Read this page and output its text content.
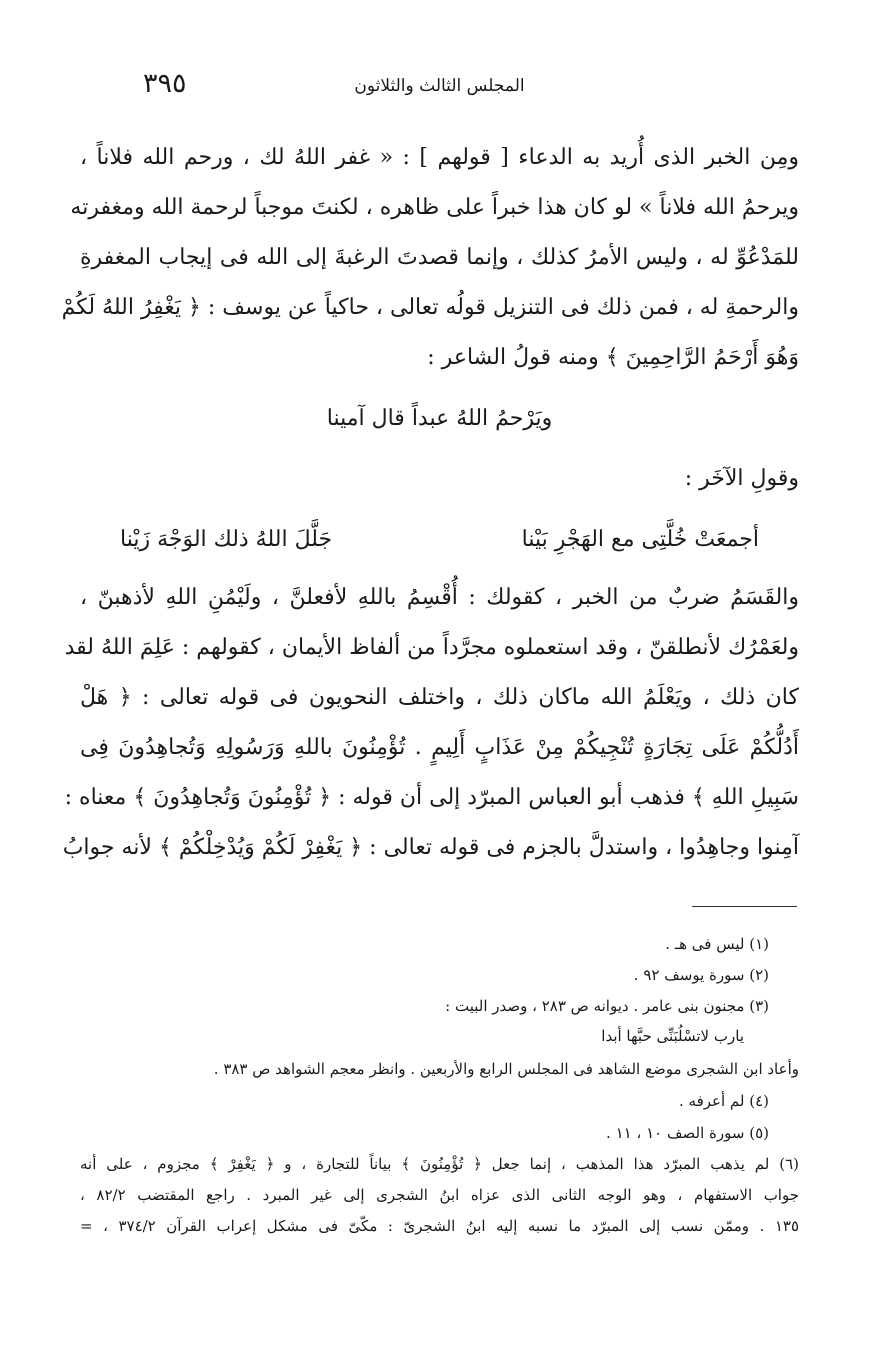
٣٩٥	المجلس الثالث والثلاثون
ومِن الخبر الذى أُريد به الدعاء [ قولهم ] : « غفر اللهُ لك ، ورحم الله فلاناً ،
ويرحمُ الله فلاناً » لو كان هذا خبراً على ظاهره ، لكنتَ موجباً لرحمة الله ومغفرته
للمَدْعُوِّ له ، وليس الأمرُ كذلك ، وإنما قصدتَ الرغبةَ إلى الله فى إيجاب المغفرةِ
والرحمةِ له ، فمن ذلك فى التنزيل قولُه تعالى ، حاكياً عن يوسف : ﴿ يَغْفِرُ اللهُ لَكُمْ
وَهُوَ أَرْحَمُ الرَّاحِمِينَ ﴾ ومنه قولُ الشاعر :
ويَرْحمُ اللهُ عبداً قال آمينا
وقولِ الآخَر :
أجمعَتْ خُلَّتِى مع الهَجْرِ بَيْنا
جَلَّلَ اللهُ ذلك الوَجْهَ زَيْنا
والقَسَمُ ضربٌ من الخبر ، كقولك : أُقْسِمُ باللهِ لأفعلنَّ ، ولَيْمُنِ اللهِ لأذهبنّ ،
ولعَمْرُك لأنطلقنّ ، وقد استعملوه مجرَّداً من ألفاظ الأيمان ، كقولهم : عَلِمَ اللهُ لقد
كان ذلك ، ويَعْلَمُ الله ماكان ذلك ، واختلف النحويون فى قوله تعالى : ﴿ هَلْ
أَدُلُّكُمْ عَلَى تِجَارَةٍ تُنْجِيكُمْ مِنْ عَذَابٍ أَلِيمٍ . تُؤْمِنُونَ باللهِ وَرَسُولِهِ وَتُجاهِدُونَ فِى
سَبِيلِ اللهِ ﴾ فذهب أبو العباس المبرّد إلى أن قوله : ﴿ تُؤْمِنُونَ وَتُجاهِدُونَ ﴾ معناه :
آمِنوا وجاهِدُوا ، واستدلَّ بالجزم فى قوله تعالى : ﴿ يَغْفِرْ لَكُمْ وَيُدْخِلْكُمْ ﴾ لأنه جوابُ
(١) ليس فى هـ .
(٢) سورة يوسف ٩٢ .
(٣) مجنون بنى عامر . ديوانه ص ٢٨٣ ، وصدر البيت :
يارب لاتسْلُبَنِّى حبَّها أبدا
وأعاد ابن الشجرى موضع الشاهد فى المجلس الرابع والأربعين . وانظر معجم الشواهد ص ٣٨٣ .
(٤) لم أعرفه .
(٥) سورة الصف ١٠ ، ١١ .
(٦) لم يذهب المبرّد هذا المذهب ، إنما جعل ﴿ تُؤْمِنُونَ ﴾ بياناً للتجارة ، و ﴿ يَغْفِرْ ﴾ مجزوم ، على أنه
جواب الاستفهام ، وهو الوجه الثانى الذى عزاه ابنُ الشجرى إلى غير المبرد . راجع المقتضب ٨٢/٢ ،
١٣٥ . وممّن نسب إلى المبرّد ما نسبه إليه ابنُ الشجرىّ : مكّىّ فى مشكل إعراب القرآن ٣٧٤/٢ ، =
